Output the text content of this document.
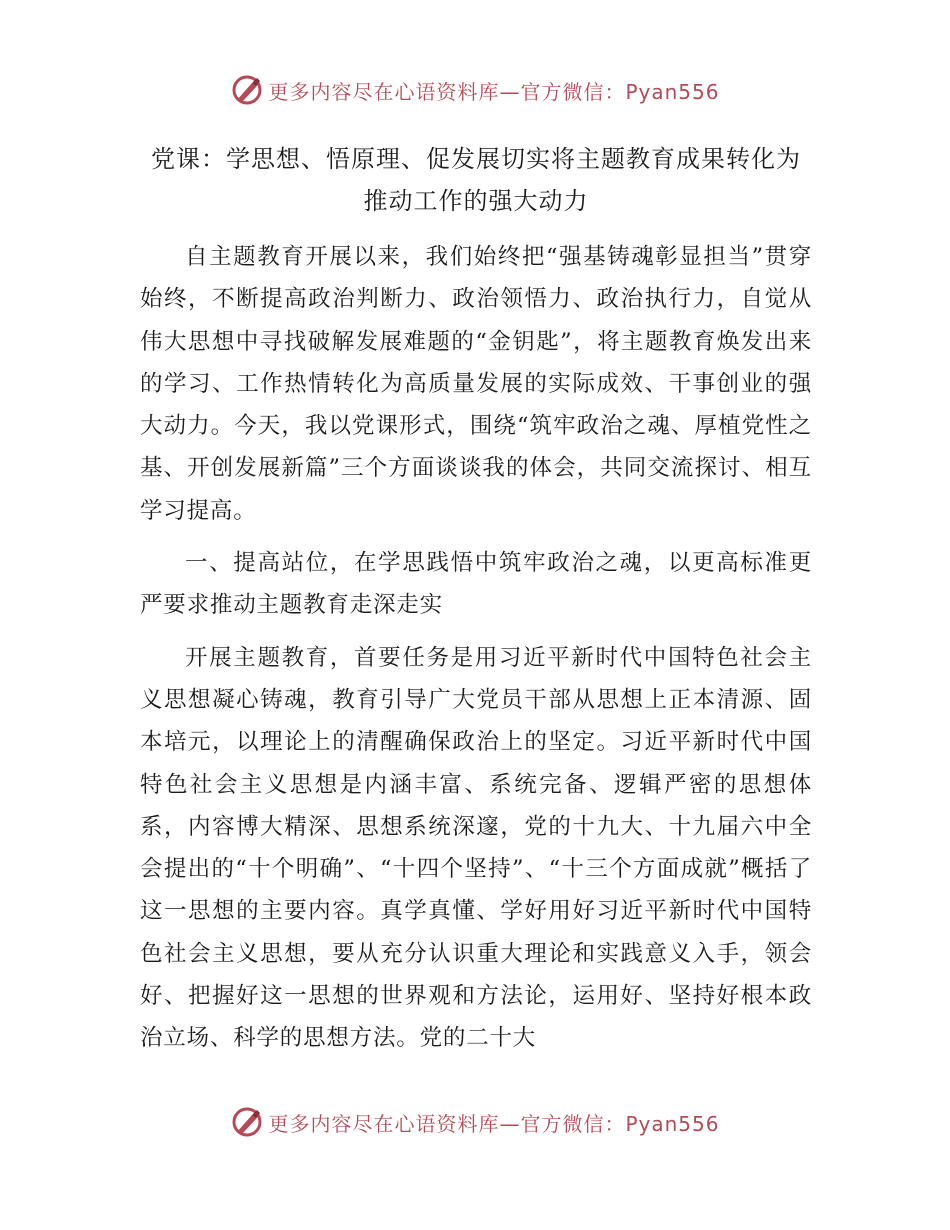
更多内容尽在心语资料库—官方微信：Pyan556
党课：学思想、悟原理、促发展切实将主题教育成果转化为推动工作的强大动力

自主题教育开展以来，我们始终把“强基铸魂彰显担当”贯穿始终，不断提高政治判断力、政治领悟力、政治执行力，自觉从伟大思想中寻找破解发展难题的“金钥匙”，将主题教育焕发出来的学习、工作热情转化为高质量发展的实际成效、干事创业的强大动力。今天，我以党课形式，围绕“筑牢政治之魂、厚植党性之基、开创发展新篇”三个方面谈谈我的体会，共同交流探讨、相互学习提高。

一、提高站位，在学思践悟中筑牢政治之魂，以更高标准更严要求推动主题教育走深走实

开展主题教育，首要任务是用习近平新时代中国特色社会主义思想凝心铸魂，教育引导广大党员干部从思想上正本清源、固本培元，以理论上的清醒确保政治上的坚定。习近平新时代中国特色社会主义思想是内涵丰富、系统完备、逻辑严密的思想体系，内容博大精深、思想系统深邃，党的十九大、十九届六中全会提出的“十个明确”、“十四个坚持”、“十三个方面成就”概括了这一思想的主要内容。真学真懂、学好用好习近平新时代中国特色社会主义思想，要从充分认识重大理论和实践意义入手，领会好、把握好这一思想的世界观和方法论，运用好、坚持好根本政治立场、科学的思想方法。党的二十大

更多内容尽在心语资料库—官方微信：Pyan556
